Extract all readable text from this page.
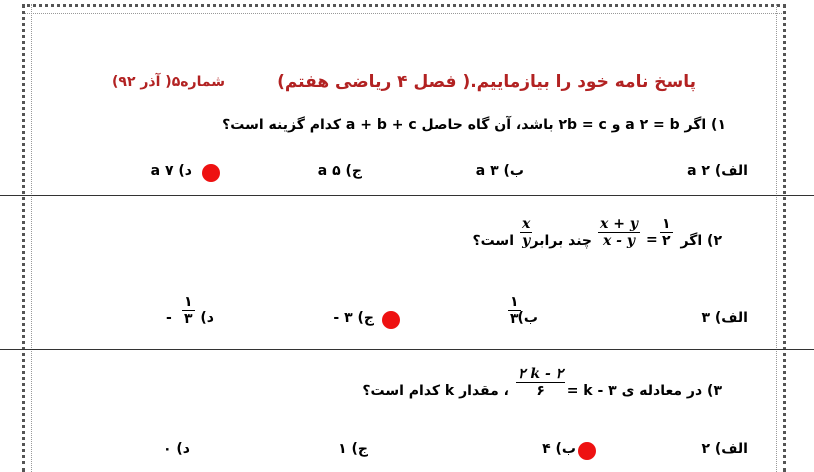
پاسخ نامه خود را بیازماییم.( فصل ۴ ریاضی هفتم)
شماره۵( آذر ۹۲)
۱) اگر a ۲ = b و ۲b = c باشد، آن گاه حاصل a + b + c کدام گزینه است؟
الف) a ۲
ب) a ۳
ج) a ۵
د) a ۷
۲) اگر
۱
۲
=
x + y
x - y
چند برابر
x
y
است؟
الف) ۳
ب)
۱
۳
ج) ۳ -
د)
۱
۳
-
۳) در معادله ی ۳ - k =
۲ k - ۲
۶
، مقدار k کدام است؟
الف) ۲
ب) ۴
ج) ۱
د) ۰
